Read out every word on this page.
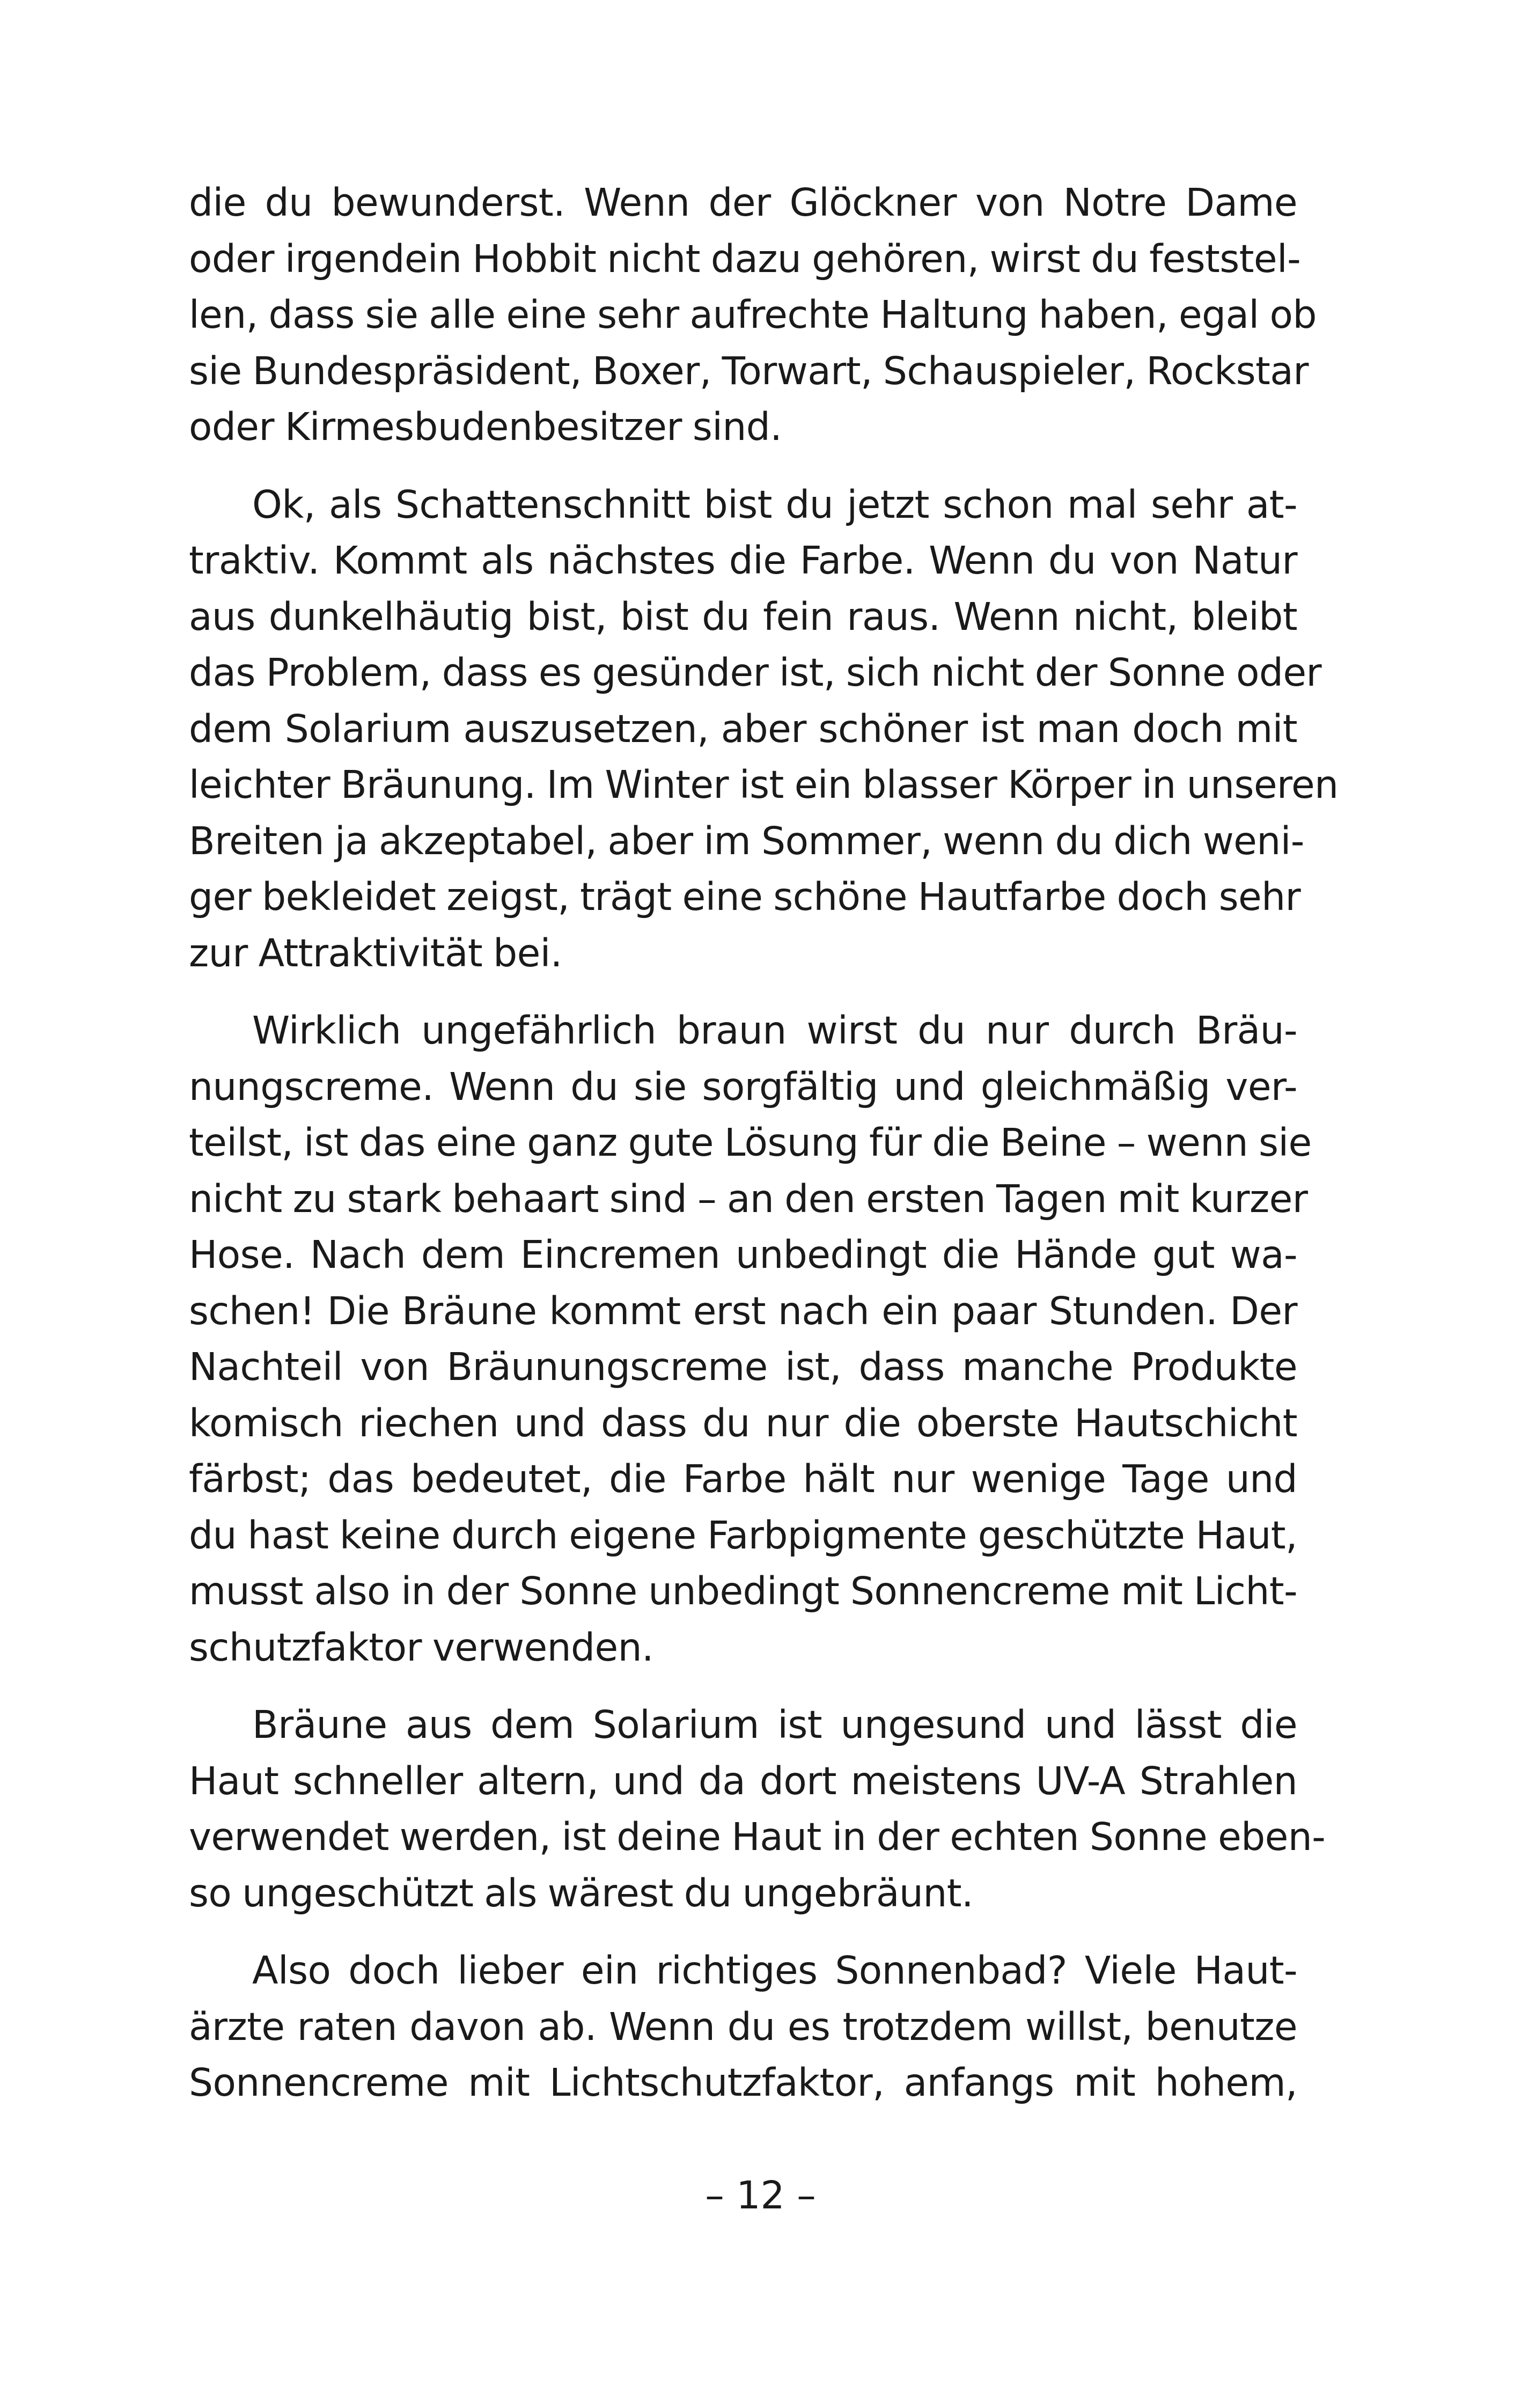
die du bewunderst. Wenn der Glöckner von Notre Dame
oder irgendein Hobbit nicht dazu gehören, wirst du feststel-
len, dass sie alle eine sehr aufrechte Haltung haben, egal ob
sie Bundespräsident, Boxer, Torwart, Schauspieler, Rockstar
oder Kirmesbudenbesitzer sind.
Ok, als Schattenschnitt bist du jetzt schon mal sehr at-
traktiv. Kommt als nächstes die Farbe. Wenn du von Natur
aus dunkelhäutig bist, bist du fein raus. Wenn nicht, bleibt
das Problem, dass es gesünder ist, sich nicht der Sonne oder
dem Solarium auszusetzen, aber schöner ist man doch mit
leichter Bräunung. Im Winter ist ein blasser Körper in unseren
Breiten ja akzeptabel, aber im Sommer, wenn du dich weni-
ger bekleidet zeigst, trägt eine schöne Hautfarbe doch sehr
zur Attraktivität bei.
Wirklich ungefährlich braun wirst du nur durch Bräu-
nungscreme. Wenn du sie sorgfältig und gleichmäßig ver-
teilst, ist das eine ganz gute Lösung für die Beine – wenn sie
nicht zu stark behaart sind – an den ersten Tagen mit kurzer
Hose. Nach dem Eincremen unbedingt die Hände gut wa-
schen! Die Bräune kommt erst nach ein paar Stunden. Der
Nachteil von Bräunungscreme ist, dass manche Produkte
komisch riechen und dass du nur die oberste Hautschicht
färbst; das bedeutet, die Farbe hält nur wenige Tage und
du hast keine durch eigene Farbpigmente geschützte Haut,
musst also in der Sonne unbedingt Sonnencreme mit Licht-
schutzfaktor verwenden.
Bräune aus dem Solarium ist ungesund und lässt die
Haut schneller altern, und da dort meistens UV-A Strahlen
verwendet werden, ist deine Haut in der echten Sonne eben-
so ungeschützt als wärest du ungebräunt.
Also doch lieber ein richtiges Sonnenbad? Viele Haut-
ärzte raten davon ab. Wenn du es trotzdem willst, benutze
Sonnencreme mit Lichtschutzfaktor, anfangs mit hohem,
– 12 –
